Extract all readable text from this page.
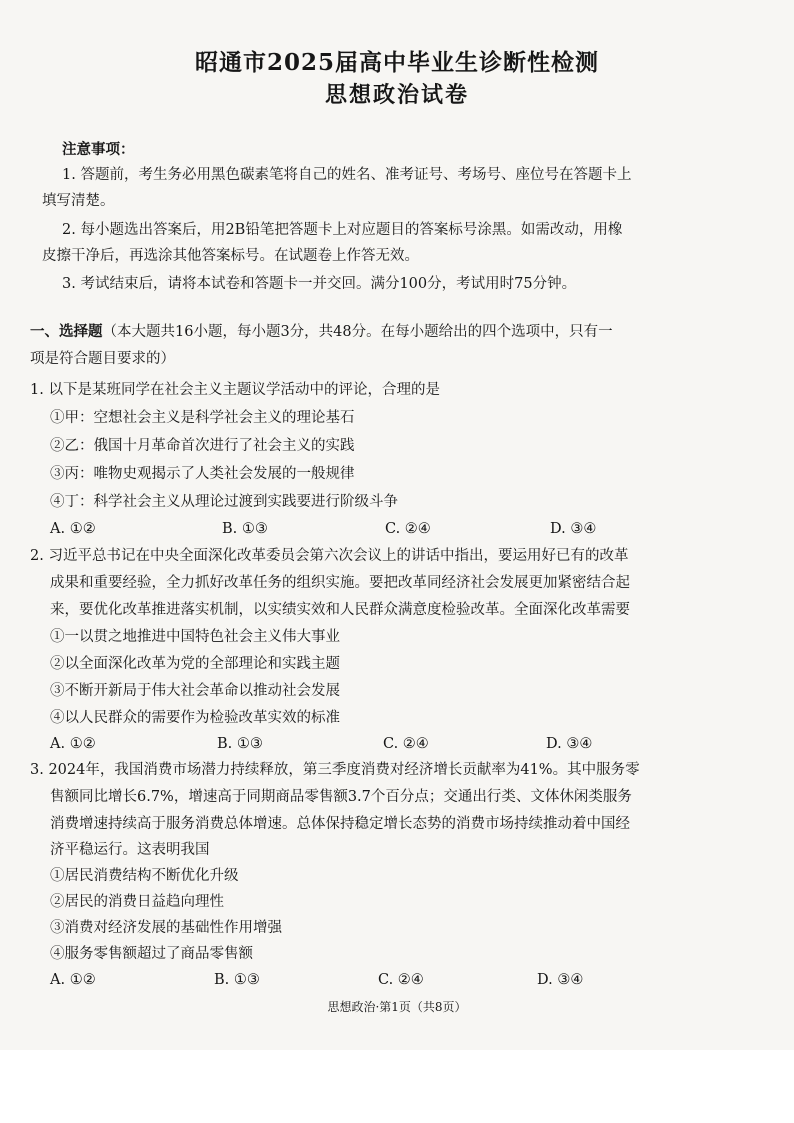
昭通市2025届高中毕业生诊断性检测
思想政治试卷
注意事项：
1. 答题前，考生务必用黑色碳素笔将自己的姓名、准考证号、考场号、座位号在答题卡上
填写清楚。
2. 每小题选出答案后，用2B铅笔把答题卡上对应题目的答案标号涂黑。如需改动，用橡
皮擦干净后，再选涂其他答案标号。在试题卷上作答无效。
3. 考试结束后，请将本试卷和答题卡一并交回。满分100分，考试用时75分钟。
一、选择题（本大题共16小题，每小题3分，共48分。在每小题给出的四个选项中，只有一
项是符合题目要求的）
1. 以下是某班同学在社会主义主题议学活动中的评论，合理的是
①甲：空想社会主义是科学社会主义的理论基石
②乙：俄国十月革命首次进行了社会主义的实践
③丙：唯物史观揭示了人类社会发展的一般规律
④丁：科学社会主义从理论过渡到实践要进行阶级斗争
A. ①②	B. ①③	C. ②④	D. ③④
2. 习近平总书记在中央全面深化改革委员会第六次会议上的讲话中指出，要运用好已有的改革
成果和重要经验，全力抓好改革任务的组织实施。要把改革同经济社会发展更加紧密结合起
来，要优化改革推进落实机制，以实绩实效和人民群众满意度检验改革。全面深化改革需要
①一以贯之地推进中国特色社会主义伟大事业
②以全面深化改革为党的全部理论和实践主题
③不断开新局于伟大社会革命以推动社会发展
④以人民群众的需要作为检验改革实效的标准
A. ①②	B. ①③	C. ②④	D. ③④
3. 2024年，我国消费市场潜力持续释放，第三季度消费对经济增长贡献率为41%。其中服务零
售额同比增长6.7%，增速高于同期商品零售额3.7个百分点；交通出行类、文体休闲类服务
消费增速持续高于服务消费总体增速。总体保持稳定增长态势的消费市场持续推动着中国经
济平稳运行。这表明我国
①居民消费结构不断优化升级
②居民的消费日益趋向理性
③消费对经济发展的基础性作用增强
④服务零售额超过了商品零售额
A. ①②	B. ①③	C. ②④	D. ③④
思想政治·第1页（共8页）
